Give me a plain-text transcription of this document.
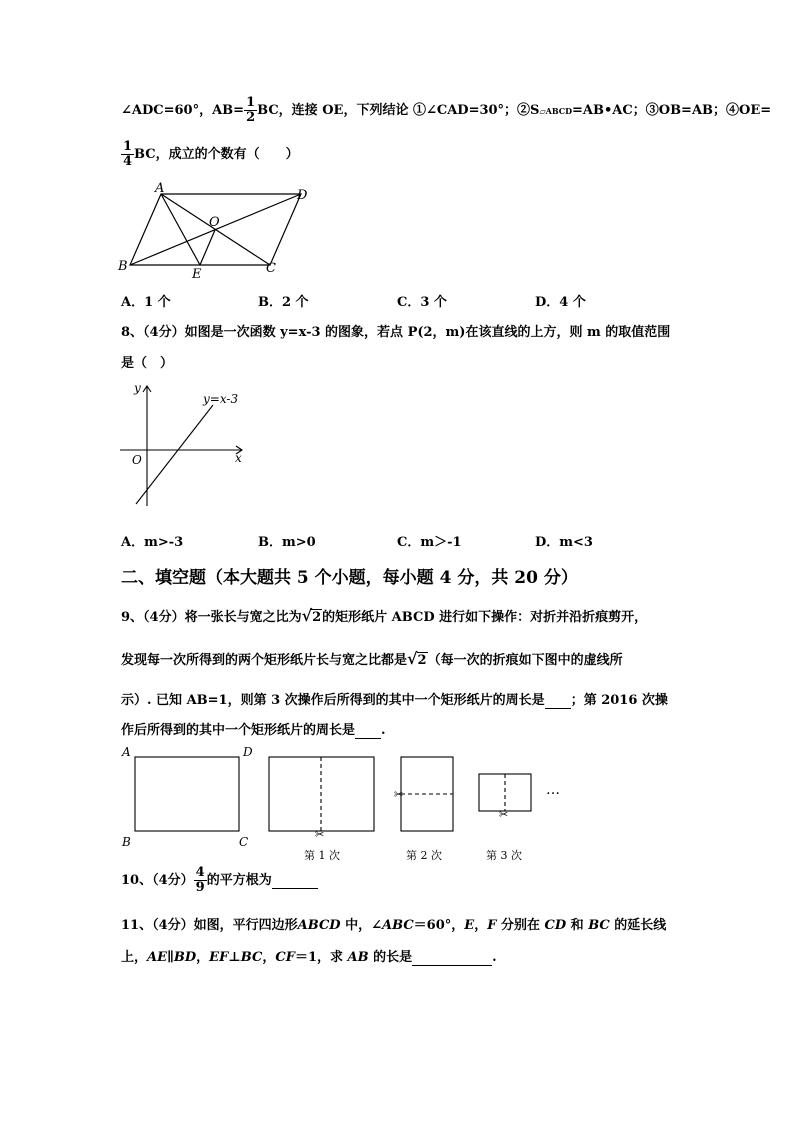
∠ADC=60°，$AB= \frac{1}{2}$ BC，连接 OE，下列结论 ①∠CAD=30°；②S▱ABCD=AB•AC；③OB=AB；④OE=
$\frac{1}{4}$ BC，成立的个数有（　　）
A	D
O
B
E	C
A．1 个	B．2 个	C．3 个	D．4 个
8、（4分）如图是一次函数 y=x-3 的图象，若点 P(2，m)在该直线的上方，则 m 的取值范围
是（　）
y
x
O
y=x-3
A．m>-3	B．m>0	C．m＞-1	D．m<3
二、填空题（本大题共 5 个小题，每小题 4 分，共 20 分）
9、（4分）将一张长与宽之比为√2的矩形纸片 ABCD 进行如下操作：对折并沿折痕剪开，
发现每一次所得到的两个矩形纸片长与宽之比都是√2（每一次的折痕如下图中的虚线所
示）. 已知 AB=1，则第 3 次操作后所得到的其中一个矩形纸片的周长是 ；第 2016 次操
作后所得到的其中一个矩形纸片的周长是 .
A	D
B	C
✂
✂
✂
第 1 次	第 2 次	第 3 次
…
10、（4分） $\frac{4}{9}$ 的平方根为
11、（4分）如图，平行四边形ABCD 中，∠ABC＝60°，E，F 分别在 CD 和 BC 的延长线
上，AE∥BD，EF⊥BC，CF＝1，求 AB 的长是	.
